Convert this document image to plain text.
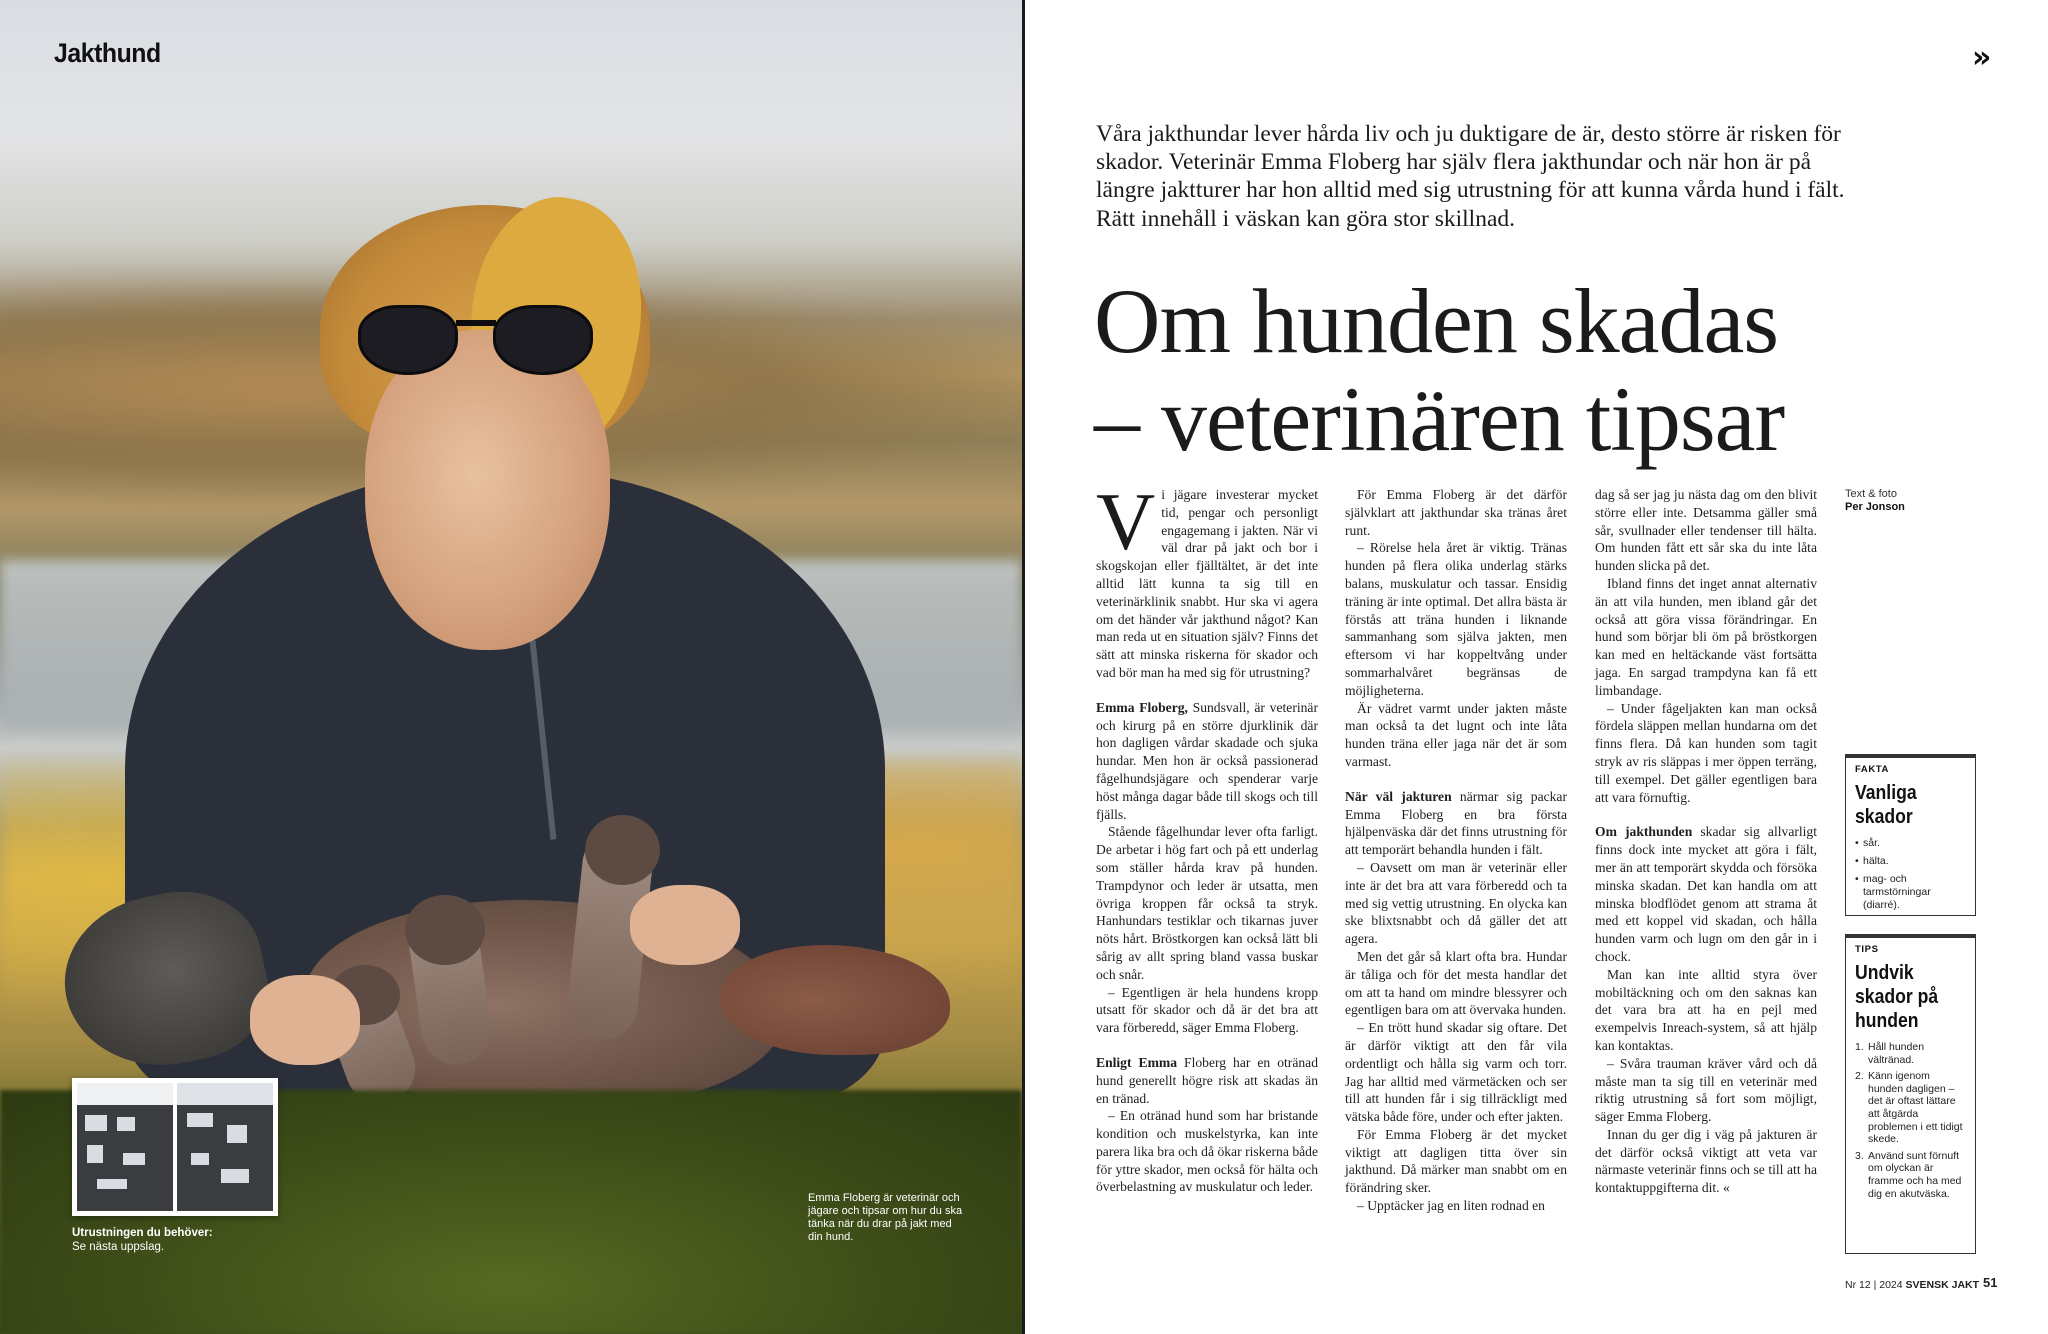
Jakthund
Utrustningen du behöver:
Se nästa uppslag.
Emma Floberg är veterinär och jägare och tipsar om hur du ska tänka när du drar på jakt med din hund.
»
Våra jakthundar lever hårda liv och ju duktigare de är, desto större är risken för skador. Veterinär Emma Floberg har själv flera jakthundar och när hon är på längre jaktturer har hon alltid med sig utrustning för att kunna vårda hund i fält. Rätt innehåll i väskan kan göra stor skillnad.
Om hunden skadas
– veterinären tipsar
Text & foto
Per Jonson

Vi jägare investerar mycket tid, pengar och personligt engagemang i jakten. När vi väl drar på jakt och bor i skogskojan eller fjälltältet, är det inte alltid lätt kunna ta sig till en veterinärklinik snabbt. Hur ska vi agera om det händer vår jakthund något? Kan man reda ut en situation själv? Finns det sätt att minska riskerna för skador och vad bör man ha med sig för utrustning?

Emma Floberg, Sundsvall, är veterinär och kirurg på en större djurklinik där hon dagligen vårdar skadade och sjuka hundar. Men hon är också passionerad fågelhundsjägare och spenderar varje höst många dagar både till skogs och till fjälls.

Stående fågelhundar lever ofta farligt. De arbetar i hög fart och på ett underlag som ställer hårda krav på hunden. Trampdynor och leder är utsatta, men övriga kroppen får också ta stryk. Hanhundars testiklar och tikarnas juver nöts hårt. Bröstkorgen kan också lätt bli sårig av allt spring bland vassa buskar och snår.

– Egentligen är hela hundens kropp utsatt för skador och då är det bra att vara förberedd, säger Emma Floberg.

Enligt Emma Floberg har en otränad hund generellt högre risk att skadas än en tränad.

– En otränad hund som har bristande kondition och muskelstyrka, kan inte parera lika bra och då ökar riskerna både för yttre skador, men också för hälta och överbelastning av muskulatur och leder.

För Emma Floberg är det därför självklart att jakthundar ska tränas året runt.

– Rörelse hela året är viktig. Tränas hunden på flera olika underlag stärks balans, muskulatur och tassar. Ensidig träning är inte optimal. Det allra bästa är förstås att träna hunden i liknande sammanhang som själva jakten, men eftersom vi har koppeltvång under sommarhalvåret begränsas de möjligheterna.

Är vädret varmt under jakten måste man också ta det lugnt och inte låta hunden träna eller jaga när det är som varmast.

När väl jakturen närmar sig packar Emma Floberg en bra första hjälpenväska där det finns utrustning för att temporärt behandla hunden i fält.

– Oavsett om man är veterinär eller inte är det bra att vara förberedd och ta med sig vettig utrustning. En olycka kan ske blixtsnabbt och då gäller det att agera.

Men det går så klart ofta bra. Hundar är tåliga och för det mesta handlar det om att ta hand om mindre blessyrer och egentligen bara om att övervaka hunden.

– En trött hund skadar sig oftare. Det är därför viktigt att den får vila ordentligt och hålla sig varm och torr. Jag har alltid med värmetäcken och ser till att hunden får i sig tillräckligt med vätska både före, under och efter jakten.

För Emma Floberg är det mycket viktigt att dagligen titta över sin jakthund. Då märker man snabbt om en förändring sker.

– Upptäcker jag en liten rodnad en

dag så ser jag ju nästa dag om den blivit större eller inte. Detsamma gäller små sår, svullnader eller tendenser till hälta. Om hunden fått ett sår ska du inte låta hunden slicka på det.

Ibland finns det inget annat alternativ än att vila hunden, men ibland går det också att göra vissa förändringar. En hund som börjar bli öm på bröstkorgen kan med en heltäckande väst fortsätta jaga. En sargad trampdyna kan få ett limbandage.

– Under fågeljakten kan man också fördela släppen mellan hundarna om det finns flera. Då kan hunden som tagit stryk av ris släppas i mer öppen terräng, till exempel. Det gäller egentligen bara att vara förnuftig.

Om jakthunden skadar sig allvarligt finns dock inte mycket att göra i fält, mer än att temporärt skydda och försöka minska skadan. Det kan handla om att minska blodflödet genom att strama åt med ett koppel vid skadan, och hålla hunden varm och lugn om den går in i chock.

Man kan inte alltid styra över mobiltäckning och om den saknas kan det vara bra att ha en pejl med exempelvis Inreach-system, så att hjälp kan kontaktas.

– Svåra trauman kräver vård och då måste man ta sig till en veterinär med riktig utrustning så fort som möjligt, säger Emma Floberg.

Innan du ger dig i väg på jakturen är det därför också viktigt att veta var närmaste veterinär finns och se till att ha kontaktuppgifterna dit. «

FAKTA
Vanliga skador
• sår.
• hälta.
• mag- och tarmstörningar (diarré).
TIPS
Undvik skador på hunden
1. Håll hunden vältränad.
2. Känn igenom hunden dagligen – det är oftast lättare att åtgärda problemen i ett tidigt skede.
3. Använd sunt förnuft om olyckan är framme och ha med dig en akutväska.
Nr 12 | 2024 SVENSK JAKT 51
